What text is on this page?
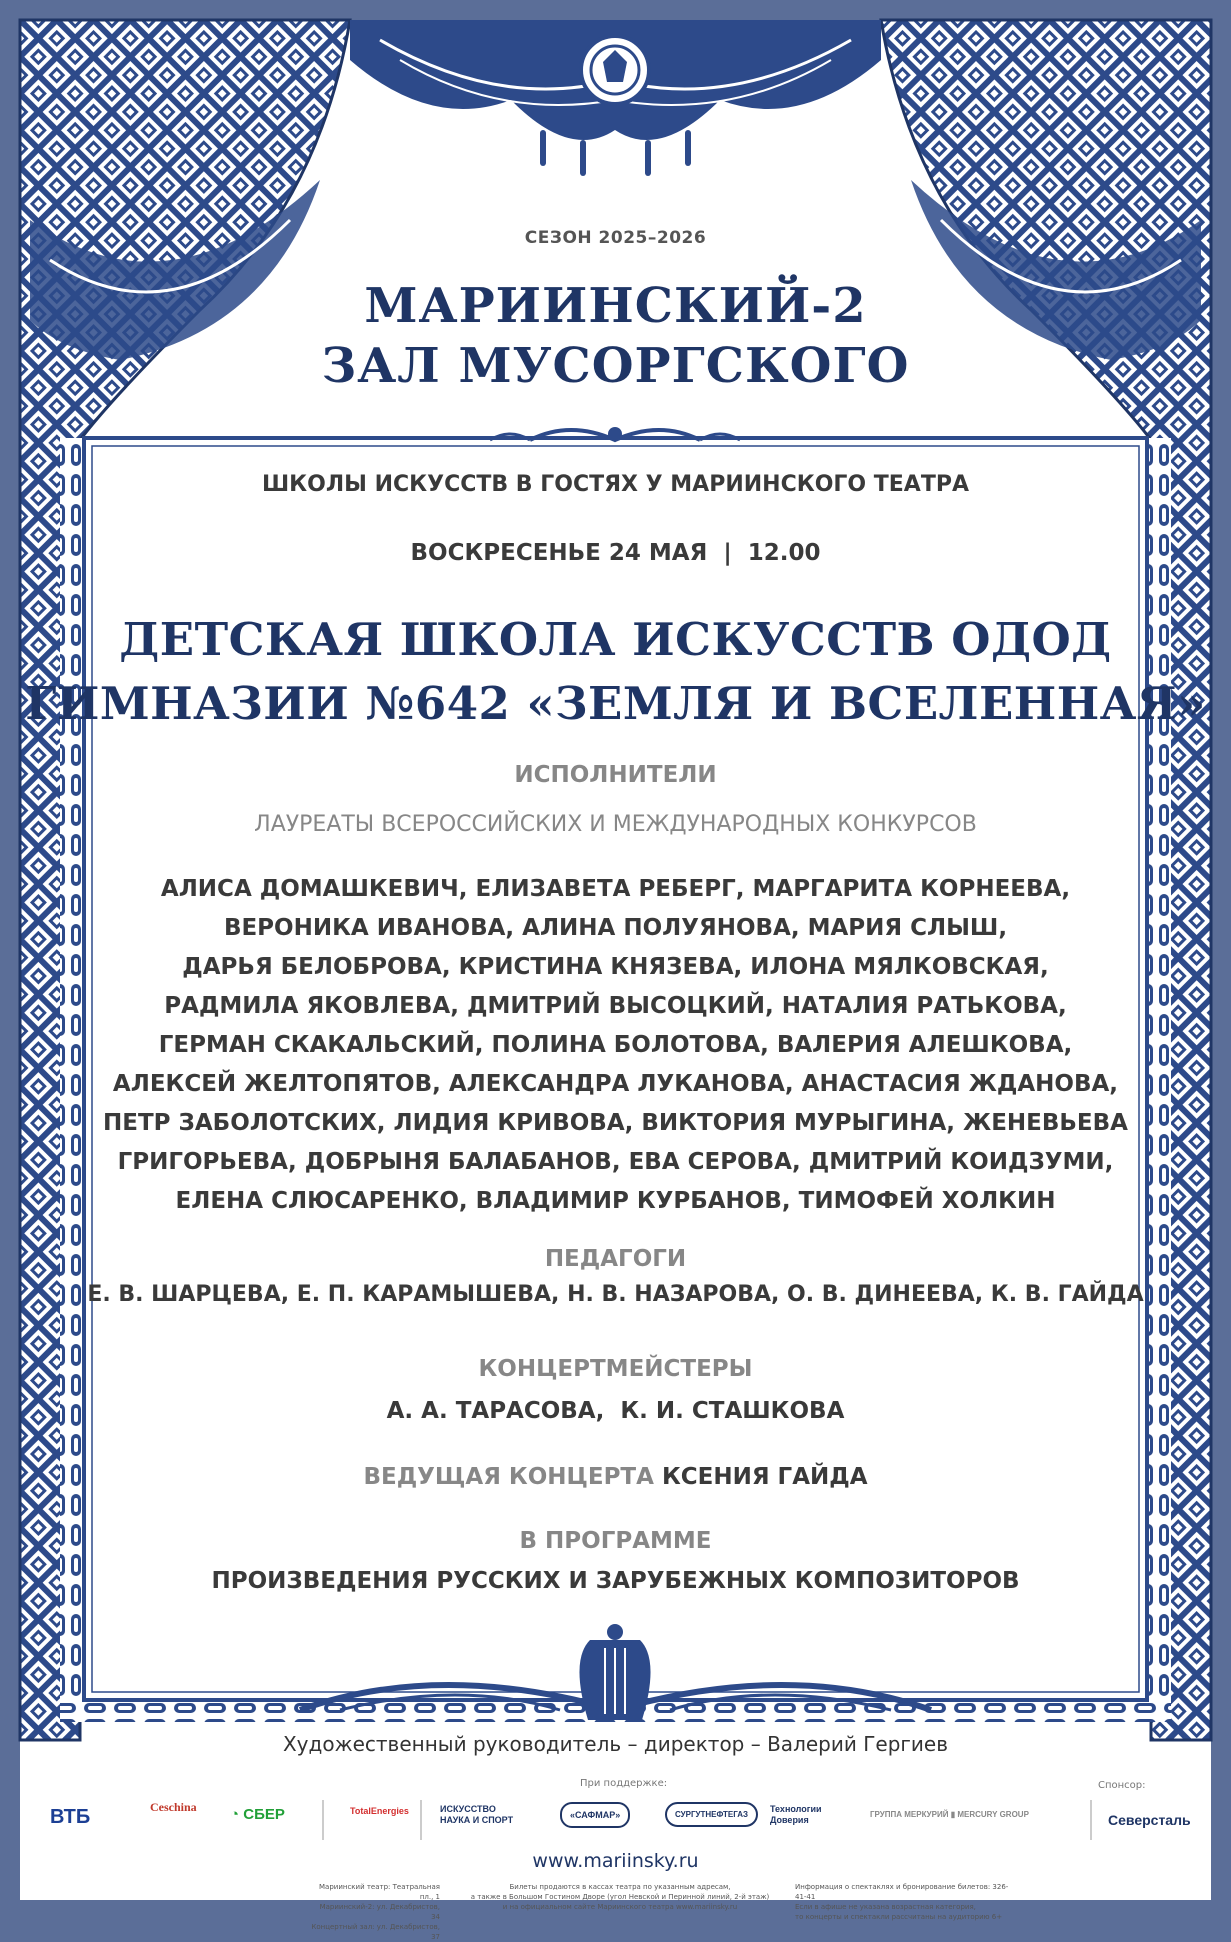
СЕЗОН 2025–2026
МАРИИНСКИЙ-2
ЗАЛ МУСОРГСКОГО
ШКОЛЫ ИСКУССТВ В ГОСТЯХ У МАРИИНСКОГО ТЕАТРА
ВОСКРЕСЕНЬЕ 24 МАЯ  |  12.00
ДЕТСКАЯ ШКОЛА ИСКУССТВ ОДОД
ГИМНАЗИИ №642 «ЗЕМЛЯ И ВСЕЛЕННАЯ»
ИСПОЛНИТЕЛИ
ЛАУРЕАТЫ ВСЕРОССИЙСКИХ И МЕЖДУНАРОДНЫХ КОНКУРСОВ
АЛИСА ДОМАШКЕВИЧ, ЕЛИЗАВЕТА РЕБЕРГ, МАРГАРИТА КОРНЕЕВА,
ВЕРОНИКА ИВАНОВА, АЛИНА ПОЛУЯНОВА, МАРИЯ СЛЫШ,
ДАРЬЯ БЕЛОБРОВА, КРИСТИНА КНЯЗЕВА, ИЛОНА МЯЛКОВСКАЯ,
РАДМИЛА ЯКОВЛЕВА, ДМИТРИЙ ВЫСОЦКИЙ, НАТАЛИЯ РАТЬКОВА,
ГЕРМАН СКАКАЛЬСКИЙ, ПОЛИНА БОЛОТОВА, ВАЛЕРИЯ АЛЕШКОВА,
АЛЕКСЕЙ ЖЕЛТОПЯТОВ, АЛЕКСАНДРА ЛУКАНОВА, АНАСТАСИЯ ЖДАНОВА,
ПЕТР ЗАБОЛОТСКИХ, ЛИДИЯ КРИВОВА, ВИКТОРИЯ МУРЫГИНА, ЖЕНЕВЬЕВА
ГРИГОРЬЕВА, ДОБРЫНЯ БАЛАБАНОВ, ЕВА СЕРОВА, ДМИТРИЙ КОИДЗУМИ,
ЕЛЕНА СЛЮСАРЕНКО, ВЛАДИМИР КУРБАНОВ, ТИМОФЕЙ ХОЛКИН
ПЕДАГОГИ
Е. В. ШАРЦЕВА, Е. П. КАРАМЫШЕВА, Н. В. НАЗАРОВА, О. В. ДИНЕЕВА, К. В. ГАЙДА
КОНЦЕРТМЕЙСТЕРЫ
А. А. ТАРАСОВА,  К. И. СТАШКОВА
ВЕДУЩАЯ КОНЦЕРТА КСЕНИЯ ГАЙДА
В ПРОГРАММЕ
ПРОИЗВЕДЕНИЯ РУССКИХ И ЗАРУБЕЖНЫХ КОМПОЗИТОРОВ
Художественный руководитель – директор – Валерий Гергиев
При поддержке:	Спонсор:
ВТБ	Ceschina ◔ СБЕР	TotalEnergies	ИСКУССТВО
НАУКА И СПОРТ	«САФМАР»	СУРГУТНЕФТЕГАЗ
Технологии
Доверия
ГРУППА МЕРКУРИЙ ▮ MERCURY GROUP	Северсталь
www.mariinsky.ru
Мариинский театр: Театральная пл., 1
Мариинский-2: ул. Декабристов, 34
Концертный зал: ул. Декабристов, 37
Билеты продаются в кассах театра по указанным адресам,
а также в Большом Гостином Дворе (угол Невской и Перинной линий, 2-й этаж)
и на официальном сайте Мариинского театра www.mariinsky.ru
Информация о спектаклях и бронирование билетов: 326-41-41
Если в афише не указана возрастная категория,
то концерты и спектакли рассчитаны на аудиторию 6+
